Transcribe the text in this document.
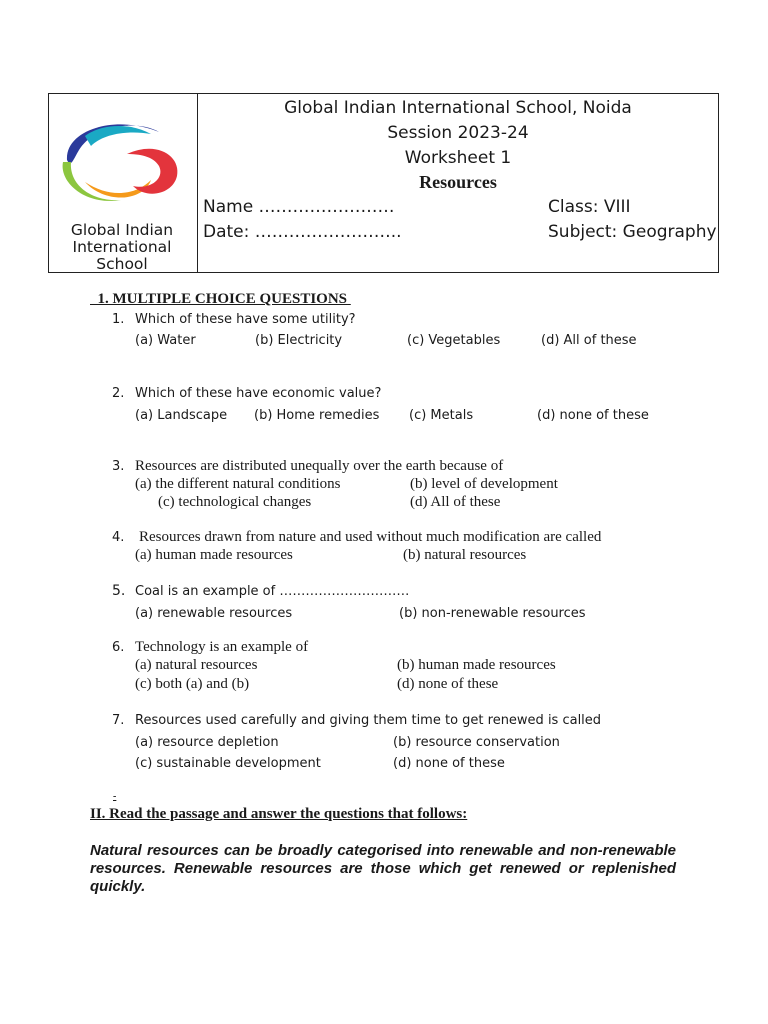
Global Indian
International
School
Global Indian International School, Noida
Session 2023-24
Worksheet 1
Resources
Name ……………………	Class: VIII
Date: ……………………..	Subject: Geography
1. MULTIPLE CHOICE QUESTIONS
1. Which of these have some utility?
(a) Water	(b) Electricity	(c) Vegetables	(d) All of these
2. Which of these have economic value?
(a) Landscape (b) Home remedies (c) Metals	(d) none of these
3. Resources are distributed unequally over the earth because of
(a) the different natural conditions	(b) level of development
(c) technological changes	(d) All of these
4. Resources drawn from nature and used without much modification are called
(a) human made resources	(b) natural resources
5. Coal is an example of …………………………
(a) renewable resources	(b) non-renewable resources
6. Technology is an example of
(a) natural resources	(b) human made resources
(c) both (a) and (b)	(d) none of these
7. Resources used carefully and giving them time to get renewed is called
(a) resource depletion	(b) resource conservation
(c) sustainable development	(d) none of these
-
II. Read the passage and answer the questions that follows:
Natural resources can be broadly categorised into renewable and non-renewable
resources. Renewable resources are those which get renewed or replenished
quickly.
